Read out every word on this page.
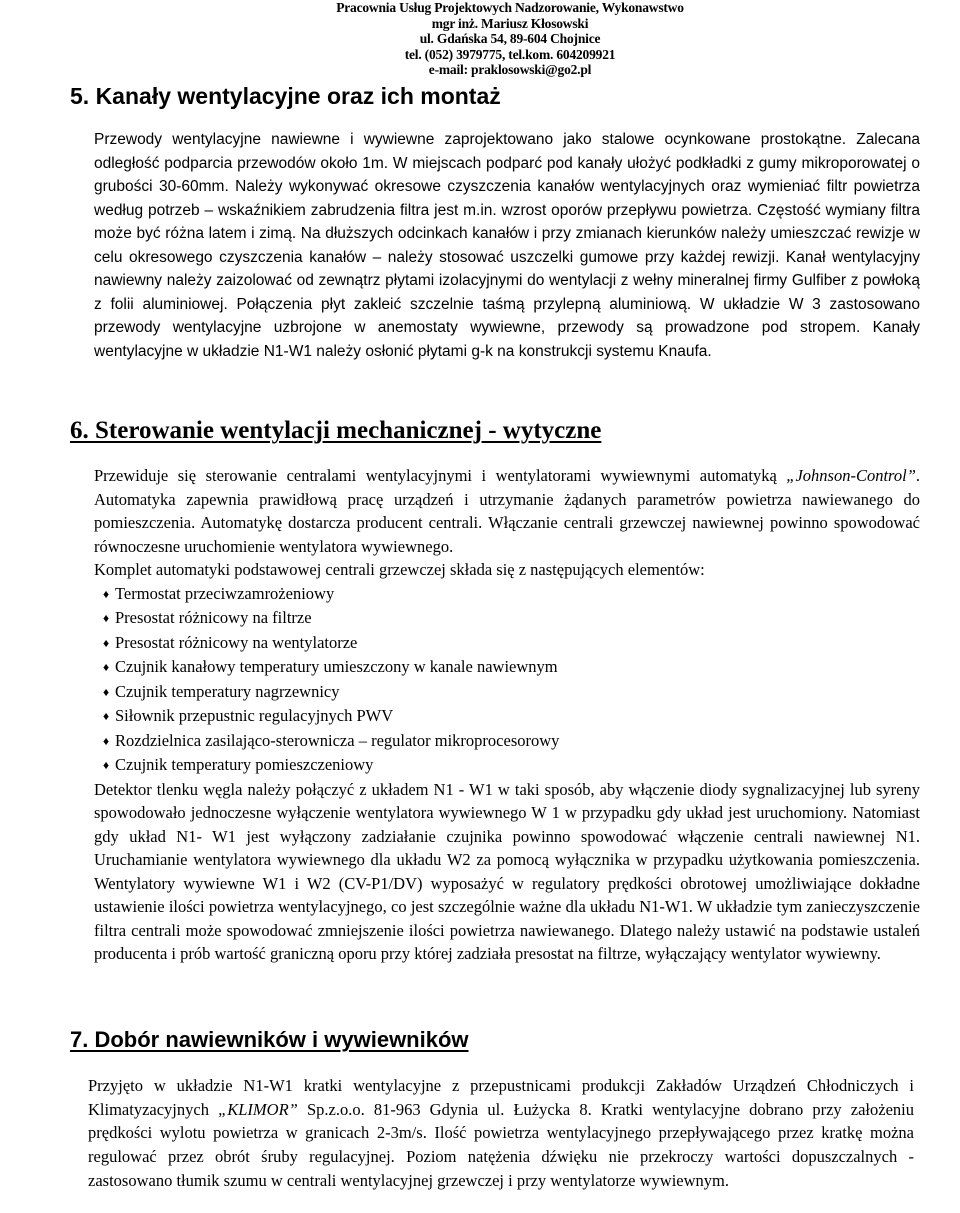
Pracownia Usług Projektowych Nadzorowanie, Wykonawstwo
mgr inż. Mariusz Kłosowski
ul. Gdańska 54, 89-604 Chojnice
tel. (052) 3979775, tel.kom. 604209921
e-mail: praklosowski@go2.pl
5. Kanały wentylacyjne oraz ich montaż

Przewody wentylacyjne nawiewne i wywiewne zaprojektowano jako stalowe ocynkowane prostokątne. Zalecana odległość podparcia przewodów około 1m. W miejscach podparć pod kanały ułożyć podkładki z gumy mikroporowatej o grubości 30-60mm. Należy wykonywać okresowe czyszczenia kanałów wentylacyjnych oraz wymieniać filtr powietrza według potrzeb – wskaźnikiem zabrudzenia filtra jest m.in. wzrost oporów przepływu powietrza. Częstość wymiany filtra może być różna latem i zimą. Na dłuższych odcinkach kanałów i przy zmianach kierunków należy umieszczać rewizje w celu okresowego czyszczenia kanałów – należy stosować uszczelki gumowe przy każdej rewizji. Kanał wentylacyjny nawiewny należy zaizolować od zewnątrz płytami izolacyjnymi do wentylacji z wełny mineralnej firmy Gulfiber z powłoką z folii aluminiowej. Połączenia płyt zakleić szczelnie taśmą przylepną aluminiową. W układzie W 3 zastosowano przewody wentylacyjne uzbrojone w anemostaty wywiewne, przewody są prowadzone pod stropem. Kanały wentylacyjne w układzie N1-W1 należy osłonić płytami g-k na konstrukcji systemu Knaufa.

6. Sterowanie wentylacji mechanicznej - wytyczne

Przewiduje się sterowanie centralami wentylacyjnymi i wentylatorami wywiewnymi automatyką „Johnson-Control”. Automatyka zapewnia prawidłową pracę urządzeń i utrzymanie żądanych parametrów powietrza nawiewanego do pomieszczenia. Automatykę dostarcza producent centrali. Włączanie centrali grzewczej nawiewnej powinno spowodować równoczesne uruchomienie wentylatora wywiewnego.

Komplet automatyki podstawowej centrali grzewczej składa się z następujących elementów:

♦ Termostat przeciwzamrożeniowy
♦ Presostat różnicowy na filtrze
♦ Presostat różnicowy na wentylatorze
♦ Czujnik kanałowy temperatury umieszczony w kanale nawiewnym
♦ Czujnik temperatury nagrzewnicy
♦ Siłownik przepustnic regulacyjnych PWV
♦ Rozdzielnica zasilająco-sterownicza – regulator mikroprocesorowy
♦ Czujnik temperatury pomieszczeniowy

Detektor tlenku węgla należy połączyć z układem N1 - W1 w taki sposób, aby włączenie diody sygnalizacyjnej lub syreny spowodowało jednoczesne wyłączenie wentylatora wywiewnego W 1 w przypadku gdy układ jest uruchomiony. Natomiast gdy układ N1- W1 jest wyłączony zadziałanie czujnika powinno spowodować włączenie centrali nawiewnej N1. Uruchamianie wentylatora wywiewnego dla układu W2 za pomocą wyłącznika w przypadku użytkowania pomieszczenia. Wentylatory wywiewne W1 i W2 (CV-P1/DV) wyposażyć w regulatory prędkości obrotowej umożliwiające dokładne ustawienie ilości powietrza wentylacyjnego, co jest szczególnie ważne dla układu N1-W1. W układzie tym zanieczyszczenie filtra centrali może spowodować zmniejszenie ilości powietrza nawiewanego. Dlatego należy ustawić na podstawie ustaleń producenta i prób wartość graniczną oporu przy której zadziała presostat na filtrze, wyłączający wentylator wywiewny.

7. Dobór nawiewników i wywiewników

Przyjęto w układzie N1-W1 kratki wentylacyjne z przepustnicami produkcji Zakładów Urządzeń Chłodniczych i Klimatyzacyjnych „KLIMOR” Sp.z.o.o. 81-963 Gdynia ul. Łużycka 8. Kratki wentylacyjne dobrano przy założeniu prędkości wylotu powietrza w granicach 2-3m/s. Ilość powietrza wentylacyjnego przepływającego przez kratkę można regulować przez obrót śruby regulacyjnej. Poziom natężenia dźwięku nie przekroczy wartości dopuszczalnych - zastosowano tłumik szumu w centrali wentylacyjnej grzewczej i przy wentylatorze wywiewnym.
